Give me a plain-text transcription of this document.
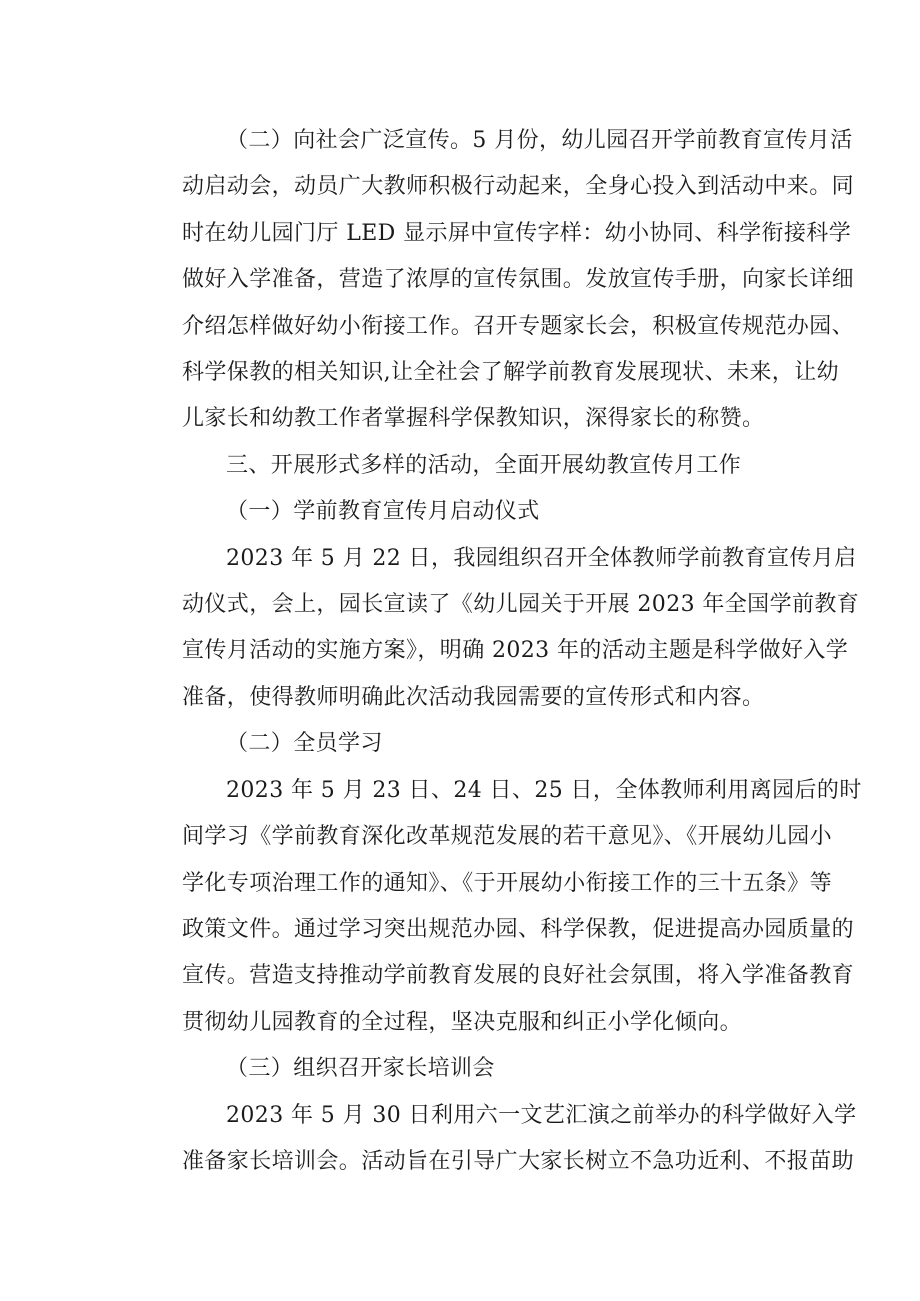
（二）向社会广泛宣传。5 月份，幼儿园召开学前教育宣传月活
动启动会，动员广大教师积极行动起来，全身心投入到活动中来。同
时在幼儿园门厅 LED 显示屏中宣传字样：幼小协同、科学衔接科学
做好入学准备，营造了浓厚的宣传氛围。发放宣传手册，向家长详细
介绍怎样做好幼小衔接工作。召开专题家长会，积极宣传规范办园、
科学保教的相关知识,让全社会了解学前教育发展现状、未来，让幼
儿家长和幼教工作者掌握科学保教知识，深得家长的称赞。
三、开展形式多样的活动，全面开展幼教宣传月工作
（一）学前教育宣传月启动仪式
2023 年 5 月 22 日，我园组织召开全体教师学前教育宣传月启
动仪式，会上，园长宣读了《幼儿园关于开展 2023 年全国学前教育
宣传月活动的实施方案》，明确 2023 年的活动主题是科学做好入学
准备，使得教师明确此次活动我园需要的宣传形式和内容。
（二）全员学习
2023 年 5 月 23 日、24 日、25 日，全体教师利用离园后的时
间学习《学前教育深化改革规范发展的若干意见》、《开展幼儿园小
学化专项治理工作的通知》、《于开展幼小衔接工作的三十五条》等
政策文件。通过学习突出规范办园、科学保教，促进提高办园质量的
宣传。营造支持推动学前教育发展的良好社会氛围，将入学准备教育
贯彻幼儿园教育的全过程，坚决克服和纠正小学化倾向。
（三）组织召开家长培训会
2023 年 5 月 30 日利用六一文艺汇演之前举办的科学做好入学
准备家长培训会。活动旨在引导广大家长树立不急功近利、不报苗助
